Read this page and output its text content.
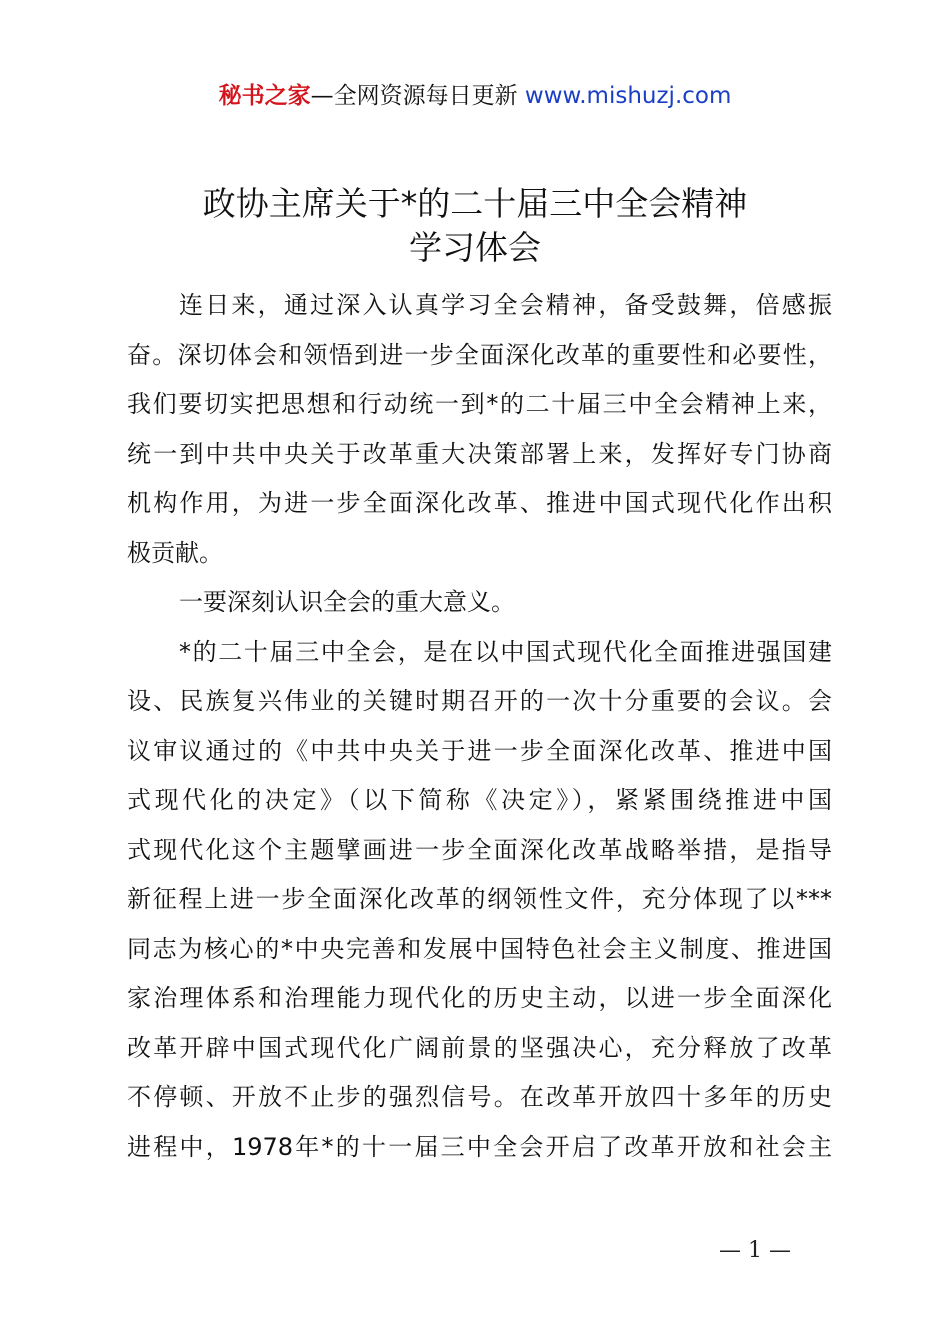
秘书之家—全网资源每日更新 www.mishuzj.com
政协主席关于*的二十届三中全会精神
学习体会
连日来，通过深入认真学习全会精神，备受鼓舞，倍感振
奋。深切体会和领悟到进一步全面深化改革的重要性和必要性，
我们要切实把思想和行动统一到*的二十届三中全会精神上来，
统一到中共中央关于改革重大决策部署上来，发挥好专门协商
机构作用，为进一步全面深化改革、推进中国式现代化作出积
极贡献。
一要深刻认识全会的重大意义。
*的二十届三中全会，是在以中国式现代化全面推进强国建
设、民族复兴伟业的关键时期召开的一次十分重要的会议。会
议审议通过的《中共中央关于进一步全面深化改革、推进中国
式现代化的决定》（以下简称《决定》），紧紧围绕推进中国
式现代化这个主题擘画进一步全面深化改革战略举措，是指导
新征程上进一步全面深化改革的纲领性文件，充分体现了以***
同志为核心的*中央完善和发展中国特色社会主义制度、推进国
家治理体系和治理能力现代化的历史主动，以进一步全面深化
改革开辟中国式现代化广阔前景的坚强决心，充分释放了改革
不停顿、开放不止步的强烈信号。在改革开放四十多年的历史
进程中，1978年*的十一届三中全会开启了改革开放和社会主
— 1 —
